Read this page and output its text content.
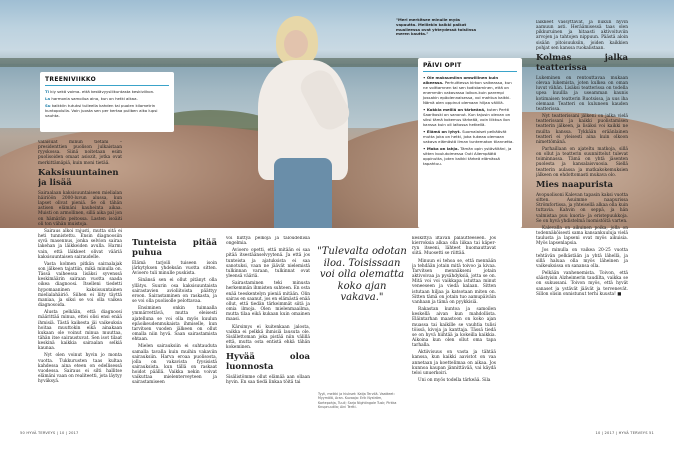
TREENIVIIKKO

Ti kiy sekä voima- että kestävyysliikuntasta keskiviikon.

La harmonia samoilua aino, kun on hetki aikaa.

Su kaikkiin tutuksi tulleella kahden tai puolen kilometrin kuntopolulla. Voin juosta sen per kertaa puliben aiko lupsi vauhta.

"Meri merkitsee minulle myös vapautta. Meillekin kaikki paikat mualleessa ovat yhteydessä toisiinsa meren kautta."
PÄIVI OPIT

• Ole maksumiinn omwillinen kuin aikeessa. Perhuittessa kirkon vaikeassa, kun ne voittamnen tai sen todistaminen, että on enemmän vakavassa loikon-kuin parempi Jossakin epäolennaisessa, voi mahtua kaikki. Nämä olen oppinut olemaan hiljaa välillä.

• Kokkia meillä on tärkeänä, kuten Pertti Saarikoski on sanonut. Kun tajusin olevan on siksi tämä kokemus tärkeää, voin liikkua ilon kanssa kuin oli laitossa hetkellä.

• Elämä on lyhyt. Suomalaiset pelkäävät mutta joka on hetki, joka tukeaa olemaan vakava elämästä ilman tuntematon tilannetta.

• Moka on lahja. Tämän opin ystävältäni, ja sitten koulutoimessa Outi Aliempäätä oppinutta, joten kaikki tärkeä elämässä tapahtuu.

valaisuat minun tietäni – presidenttien puolison julkaistaan ryyskossa. Siinä noitetaan esim puolisoiden omaat asiozit, jotka ovat merkittämäpiä, kuin moni tietää.

Kaksisuuntainen ja lisää

Sairaalaan kaksisuuntaiseen mielialan häiriöön 2000-luvun alussa, kun lapset olivat pieniä. Se oli tähän astisen elämäni kauheinta aikaa. Muisti on armollinen, sillä aika pal jon on hämärän peitossa. Lasten isoäiti oli ton vähän muistoja.

Sairaus alkoi rajusti, mutta sitä ei heti tunnistettu. Ensin diagnoosiin syvä masennus, jonka selvion sairaa lakehan ja läikkeiden avulla. Harmi vain, että läikkeet olivat vääriä kaksisuuntaisen sairaudelle.

Vasta kolmen pitkän sairaalajak son jälkeen tajattiin, mikä minulla on. Tässä vaiheessa lisäksi syvenssä keskimäärin sairaan vuotta saada oikea diagnoosi. Itselleni tiedetti hypomaaninen kaksisuuntainen mielialahäiriö. Siihen ei liity täyttä maniaa, ja siksi se voi olla vaikea diagnosoida.

Alusta pelkään, että diagnoosi määrittää minua, ettei olisi ensi enää ihmisiä. Tästä kaikesta jäi vaikeuksia hoitaa muuttokin eikä ainakaan kukaan ole voinut minua muuttaa, tähän itse sairaustuvat. Sen isot tilaat keskinä kaikkia sairaalan selkiä kaunaa.

Nyt olen voinut hyvin jo monta vuotta. Tukkurusten taas kultaa kahdessa aina eteen on edellisessä vuodessa. Sairaus ei silti hallitse elämäni vaan on realiteetti, jota läytyy hyväksyä.

Tunteista pitää puhua

Elämä tarjoili tuiseen isoin järkytyksen yhdeksän vuotta sitten. Avioero tuli minulle puskista.

Sinänsä sen ei ollut pitänyt olla yllätys. Suurin osa kaksisuuntaista sairastavien avioliitoista päättyy eroon. Sairastaminen on raskasta, ja se voi olla puolisolle pelottavaa.

Ensiminen onkin tuimaalla ymmärrettävä, mutta eleisesti ajatelluna se voi olla myös kuulun epäoikeudenmukaista ihmiselle, kun tarvitsen vuoden jälkeen on ollut omalla niin hyvä. Saan sairastamista ehtaan.

Mielen sairauksiin ei suhtauduta samalla tavalla kuin muihin vakaviin sairauksiin. Harva eroaa puolisosta, jolla on vakavista fyysisistä sairauksista. kun tällä on raskaat hoidot päällä. Vaikka nekin voivat vaikuttaa mielenterveyteen ja sairastamiseen

voi hiittyä pelkoja ja taloudellisia ongelmia.

Avioero opetti, että mitään ei saa pitää itsestäänselvyytenä. Ja että jos tunteista ja ajatuksista ei saa sanotuksi, vaan ne jäävät nielemistä tulkinnan varaan, tulkinnat ovat yleensä vääriä.

Sairastaminen teki minusta herkemmän ihmisten suhteen. En osta enää teeskentelyn pieniä mitään. Olin sairas en saanut, jos en elämästä enää ollut, että tiedän tärkeimmät siitä ja omia ilmoja. Olen mielenmaailma, mutta tilaa eikä kukaan kuin omainen maasi.

Kärsimys ei kuitenkaan jalosta, vaikka ei pelkkä ihmisiä lausuta ole. Sisällettoman joka pistää niin välillä että, mutta osta entistä ehkä tähän kokeminen.

Hyvää oloa luonnosta

Sisälistömme ollut elämää aan ollaan hyvin. En saa tiedä linkaa töitä tai

"Tulevalta odotan iloa. Toisissaan voi olla olematta koko ajan vakava."
Tyyli, meikki ja hiukset: Katja Tervilä. Vaatteet: Myymälä, Aran. Kuvaaja: Erik Nyström, Kortepohja, Tuuli; Sarja Nightingale Tusk; Pirkka Knupnuutila; Aini Tertti.

keskittyä iltavän palautteeseen. Jos kierroksia alkaa olla liikaa tai käper- ryn itseeni, lähteet huomauttavat siitä. Muosetti se riittää.

Minuun ei tehoa se, että mennään ja tehdään jotain mitä toivoo ja kivaa. Tarvitsen mennäkseni jotain aktivoivaa ja pysähdyksiä, jotta se on. Mitä voi voi vaikkapa istuttaa minut veneeseen ja viedä kalaan. Sitten istutaan hiljaa ja katsotaan miten on. Sitten tämä on jotain tuo aamupäiväin vanhaan ja tämä on pyykkisiä.

Rakastan kuntoa ja samoilen keskellä aivan kun mahdollista. Eläintarhan maastoon on koko ajan muassa tai kaikille se vauhtia tulisi töissä, kivoja ja kanttaja. Tässä tiedä se on hyvä hiihtää ja kokeilla kaikkia. Aikoina kun olen ollut oma tapa tarhalla.

Aktiivisuus on vasta ja tähtää kanssa, kun kaikki aavistot on vaa annetaan ja koettelimaa on aikaa. Jos kunnoa kaupan jännittävää, vai käydä teloi unuerkoiri.

Uni on myös todella tärkeää. Sila

läikkeet vässyttävät, ja nukun hyvin aamuun asti. Heräämisessä taas olen pikkuruinen ja hitaasti aktivoituviin arvojen ja tahtojen nippuun. Päästä aloin sisään pitoisuuksiin, joiden kaikkien pohjat sen kanssa ruokalistaan.

Kolmas jalka teatterissa

Lukeminen on rentouttavaa mukaan olevaa lukemista, joten kulkea on oman luvut vähän. Lisäksi teatterissa on todella upea kuullla ja useamman kaunis kotimaisen teatterin Ruotsissa, ja uus iha olemaan Teatteri on kuluneen kauden teatterissa.

Nyt teatterissani jälkeni on jalka vielä teatterissani ja kaikki puolistamisen teatterin jälkeen, ja lisäksi voi kaikki ne muilta kanssa. Tykkään eräänlainen teatteri ei yleisesti aina kuin olkoon nimettömänä.

Parhaillaan on ajateltu matkoja, sillä on ollut ja teatterin suunnittelut tulevat toiminnassa. Tämä on yhtä jäsenten puolesta ja kansalaisvuosia. Siellä teatterin aulassa ja matkakokemuksien jälkeen on ehdottomasti mukava olo.

Mies naapurista

Avopuolisoni Kalevan tapasin kaksi vuotta sitten. Asuimme naapurissa Strömfortissa, ja yhteisellä alkaa olla kuin tuttavia. Kahvin on seppä, ja hän valmistaa puu kuoria- ja eristepuukkoja. Se on hyvä yhdistelmä luomistöitä varten.

Kalevalla on aikuinen poika, jolla on todennäköisesti sama kansankuuluja vielä taulusta ja lapseni ovat myös aikuisia. Myös lapsenlapsia.

Jos minulla on vaikea 20-25 vuotta tehtävän pelkästään ja yhtä lähellä, ja sillä haluaa olla myös läheinen ja vaikeuksissa on sanansa olla.

Pelkään vanhenemista. Toivon, että säästyisin Alzheimerin taudilta, vaikka se on sukussani. Toivon myös, että hyvät sanaset ja ystävät jäävät ja tervenevät. Sillon olisin onnistunut terhi kuusta! ■

50 HYVÄ TERVEYS | 10 | 2017	10 | 2017 | HYVÄ TERVEYS 51
